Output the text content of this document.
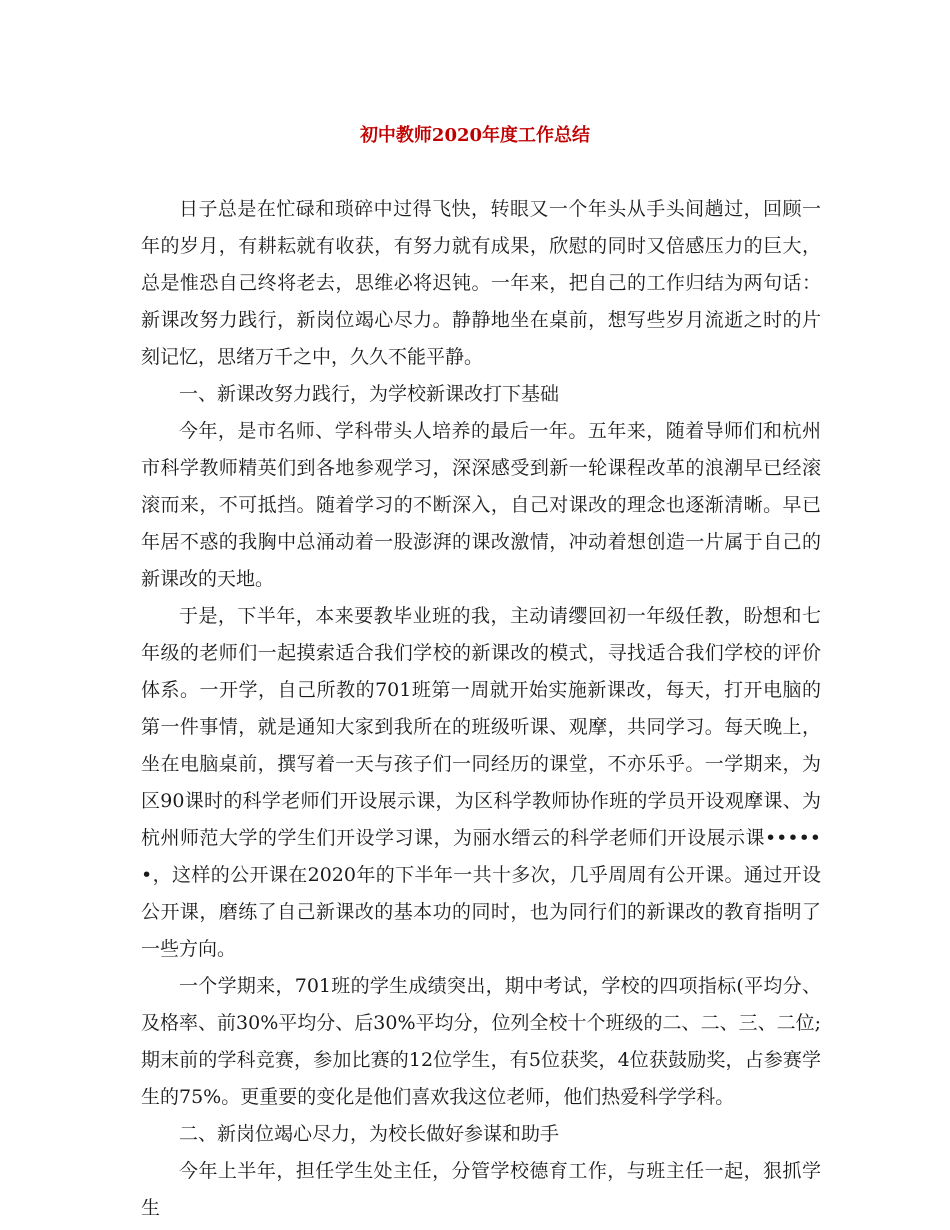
初中教师2020年度工作总结

日子总是在忙碌和琐碎中过得飞快，转眼又一个年头从手头间趟过，回顾一年的岁月，有耕耘就有收获，有努力就有成果，欣慰的同时又倍感压力的巨大，总是惟恐自己终将老去，思维必将迟钝。一年来，把自己的工作归结为两句话：新课改努力践行，新岗位竭心尽力。静静地坐在桌前，想写些岁月流逝之时的片刻记忆，思绪万千之中，久久不能平静。

一、新课改努力践行，为学校新课改打下基础

今年，是市名师、学科带头人培养的最后一年。五年来，随着导师们和杭州市科学教师精英们到各地参观学习，深深感受到新一轮课程改革的浪潮早已经滚滚而来，不可抵挡。随着学习的不断深入，自己对课改的理念也逐渐清晰。早已年居不惑的我胸中总涌动着一股澎湃的课改激情，冲动着想创造一片属于自己的新课改的天地。

于是，下半年，本来要教毕业班的我，主动请缨回初一年级任教，盼想和七年级的老师们一起摸索适合我们学校的新课改的模式，寻找适合我们学校的评价体系。一开学，自己所教的701班第一周就开始实施新课改，每天，打开电脑的第一件事情，就是通知大家到我所在的班级听课、观摩，共同学习。每天晚上，坐在电脑桌前，撰写着一天与孩子们一同经历的课堂，不亦乐乎。一学期来，为区90课时的科学老师们开设展示课，为区科学教师协作班的学员开设观摩课、为杭州师范大学的学生们开设学习课，为丽水缙云的科学老师们开设展示课••••••，这样的公开课在2020年的下半年一共十多次，几乎周周有公开课。通过开设公开课，磨练了自己新课改的基本功的同时，也为同行们的新课改的教育指明了一些方向。

一个学期来，701班的学生成绩突出，期中考试，学校的四项指标(平均分、及格率、前30%平均分、后30%平均分，位列全校十个班级的二、二、三、二位;期末前的学科竞赛，参加比赛的12位学生，有5位获奖，4位获鼓励奖，占参赛学生的75%。更重要的变化是他们喜欢我这位老师，他们热爱科学学科。

二、新岗位竭心尽力，为校长做好参谋和助手

今年上半年，担任学生处主任，分管学校德育工作，与班主任一起，狠抓学生
